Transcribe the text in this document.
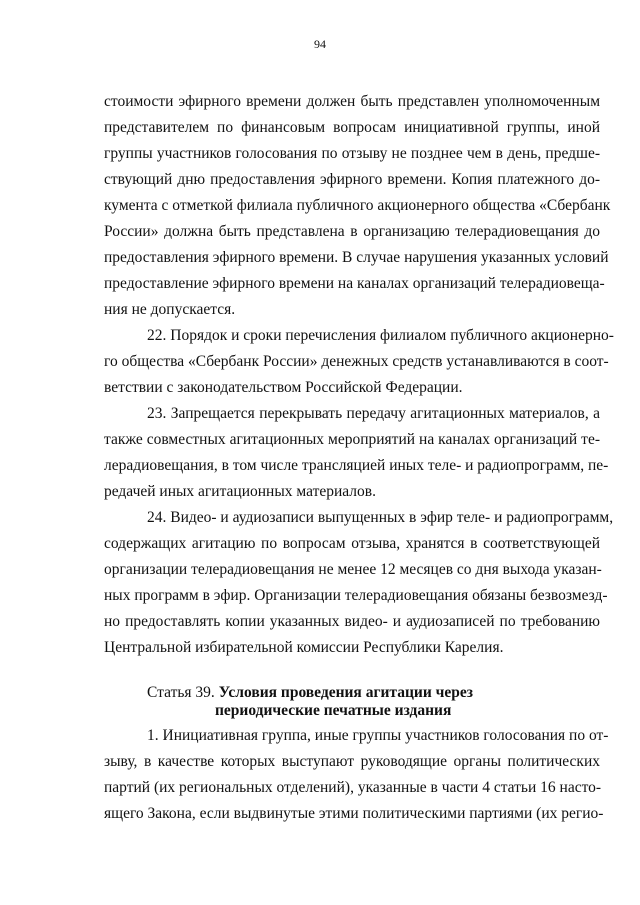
94
стоимости эфирного времени должен быть представлен уполномоченным
представителем по финансовым вопросам инициативной группы, иной
группы участников голосования по отзыву не позднее чем в день, предше-
ствующий дню предоставления эфирного времени. Копия платежного до-
кумента с отметкой филиала публичного акционерного общества «Сбербанк
России» должна быть представлена в организацию телерадиовещания до
предоставления эфирного времени. В случае нарушения указанных условий
предоставление эфирного времени на каналах организаций телерадиовеща-
ния не допускается.
22. Порядок и сроки перечисления филиалом публичного акционерно-
го общества «Сбербанк России» денежных средств устанавливаются в соот-
ветствии с законодательством Российской Федерации.
23. Запрещается перекрывать передачу агитационных материалов, а
также совместных агитационных мероприятий на каналах организаций те-
лерадиовещания, в том числе трансляцией иных теле- и радиопрограмм, пе-
редачей иных агитационных материалов.
24. Видео- и аудиозаписи выпущенных в эфир теле- и радиопрограмм,
содержащих агитацию по вопросам отзыва, хранятся в соответствующей
организации телерадиовещания не менее 12 месяцев со дня выхода указан-
ных программ в эфир. Организации телерадиовещания обязаны безвозмезд-
но предоставлять копии указанных видео- и аудиозаписей по требованию
Центральной избирательной комиссии Республики Карелия.
Статья 39. Условия проведения агитации через
периодические печатные издания
1. Инициативная группа, иные группы участников голосования по от-
зыву, в качестве которых выступают руководящие органы политических
партий (их региональных отделений), указанные в части 4 статьи 16 насто-
ящего Закона, если выдвинутые этими политическими партиями (их регио-
